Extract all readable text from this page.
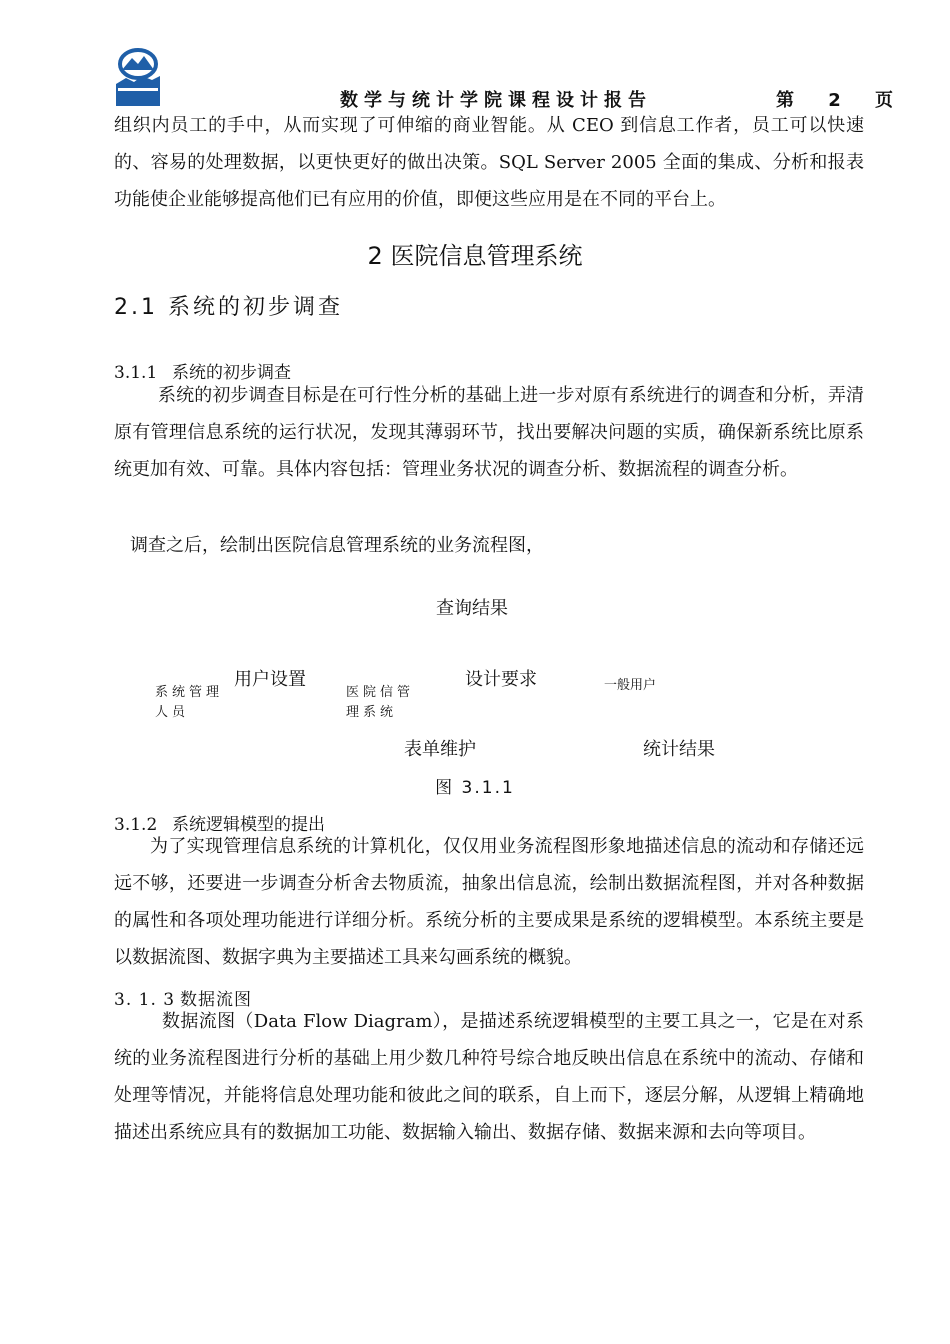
数学与统计学院课程设计报告	第 2 页
组织内员工的手中，从而实现了可伸缩的商业智能。从 CEO 到信息工作者，员工可以快速的、容易的处理数据，以更快更好的做出决策。SQL Server 2005 全面的集成、分析和报表功能使企业能够提高他们已有应用的价值，即便这些应用是在不同的平台上。
2 医院信息管理系统
2.1 系统的初步调查
3.1.1 系统的初步调查
系统的初步调查目标是在可行性分析的基础上进一步对原有系统进行的调查和分析，弄清原有管理信息系统的运行状况，发现其薄弱环节，找出要解决问题的实质，确保新系统比原系统更加有效、可靠。具体内容包括：管理业务状况的调查分析、数据流程的调查分析。
调查之后，绘制出医院信息管理系统的业务流程图，
查询结果
用户设置	设计要求	一般用户
系统管理人员
医院信管理系统
表单维护	统计结果
图 3.1.1
3.1.2 系统逻辑模型的提出
为了实现管理信息系统的计算机化，仅仅用业务流程图形象地描述信息的流动和存储还远远不够，还要进一步调查分析舍去物质流，抽象出信息流，绘制出数据流程图，并对各种数据的属性和各项处理功能进行详细分析。系统分析的主要成果是系统的逻辑模型。本系统主要是以数据流图、数据字典为主要描述工具来勾画系统的概貌。
3. 1. 3 数据流图
数据流图（Data Flow Diagram），是描述系统逻辑模型的主要工具之一，它是在对系统的业务流程图进行分析的基础上用少数几种符号综合地反映出信息在系统中的流动、存储和处理等情况，并能将信息处理功能和彼此之间的联系，自上而下，逐层分解，从逻辑上精确地描述出系统应具有的数据加工功能、数据输入输出、数据存储、数据来源和去向等项目。
